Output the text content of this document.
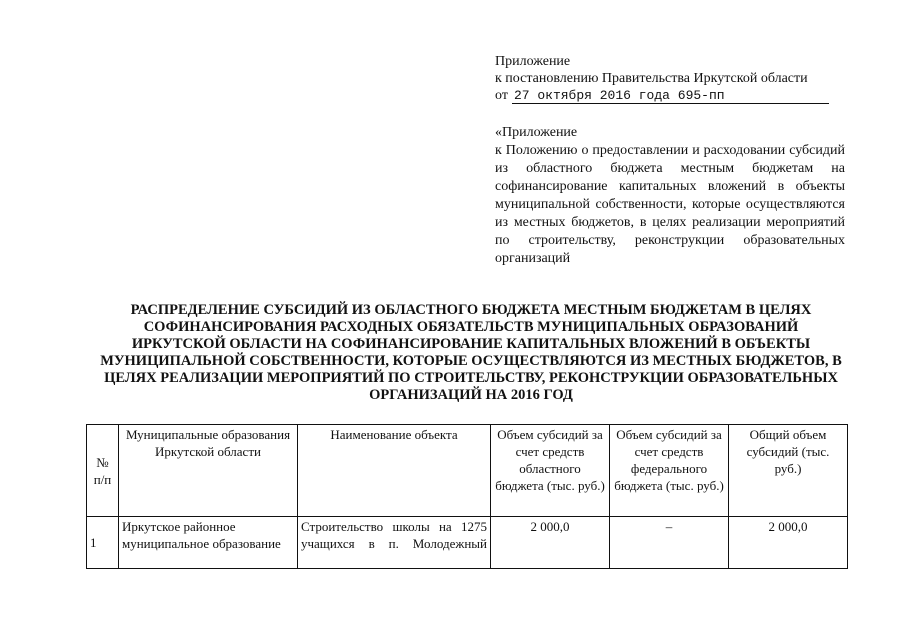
Приложение
к постановлению Правительства Иркутской области
от 27 октября 2016 года 695-пп
«Приложение
к Положению о предоставлении и расходовании субсидий из областного бюджета местным бюджетам на софинансирование капитальных вложений в объекты муниципальной собственности, которые осуществляются из местных бюджетов, в целях реализации мероприятий по строительству, реконструкции образовательных организаций
РАСПРЕДЕЛЕНИЕ СУБСИДИЙ ИЗ ОБЛАСТНОГО БЮДЖЕТА МЕСТНЫМ БЮДЖЕТАМ В ЦЕЛЯХ СОФИНАНСИРОВАНИЯ РАСХОДНЫХ ОБЯЗАТЕЛЬСТВ МУНИЦИПАЛЬНЫХ ОБРАЗОВАНИЙ ИРКУТСКОЙ ОБЛАСТИ НА СОФИНАНСИРОВАНИЕ КАПИТАЛЬНЫХ ВЛОЖЕНИЙ В ОБЪЕКТЫ МУНИЦИПАЛЬНОЙ СОБСТВЕННОСТИ, КОТОРЫЕ ОСУЩЕСТВЛЯЮТСЯ ИЗ МЕСТНЫХ БЮДЖЕТОВ, В ЦЕЛЯХ РЕАЛИЗАЦИИ МЕРОПРИЯТИЙ ПО СТРОИТЕЛЬСТВУ, РЕКОНСТРУКЦИИ ОБРАЗОВАТЕЛЬНЫХ ОРГАНИЗАЦИЙ НА 2016 ГОД
№ п/п	Муниципальные образования Иркутской области	Наименование объекта	Объем субсидий за счет средств областного бюджета (тыс. руб.)	Объем субсидий за счет средств федерального бюджета (тыс. руб.)	Общий объем субсидий (тыс. руб.)
1	Иркутское районное муниципальное образование	Строительство школы на 1275 учащихся в п. Молодежный	2 000,0	–	2 000,0
